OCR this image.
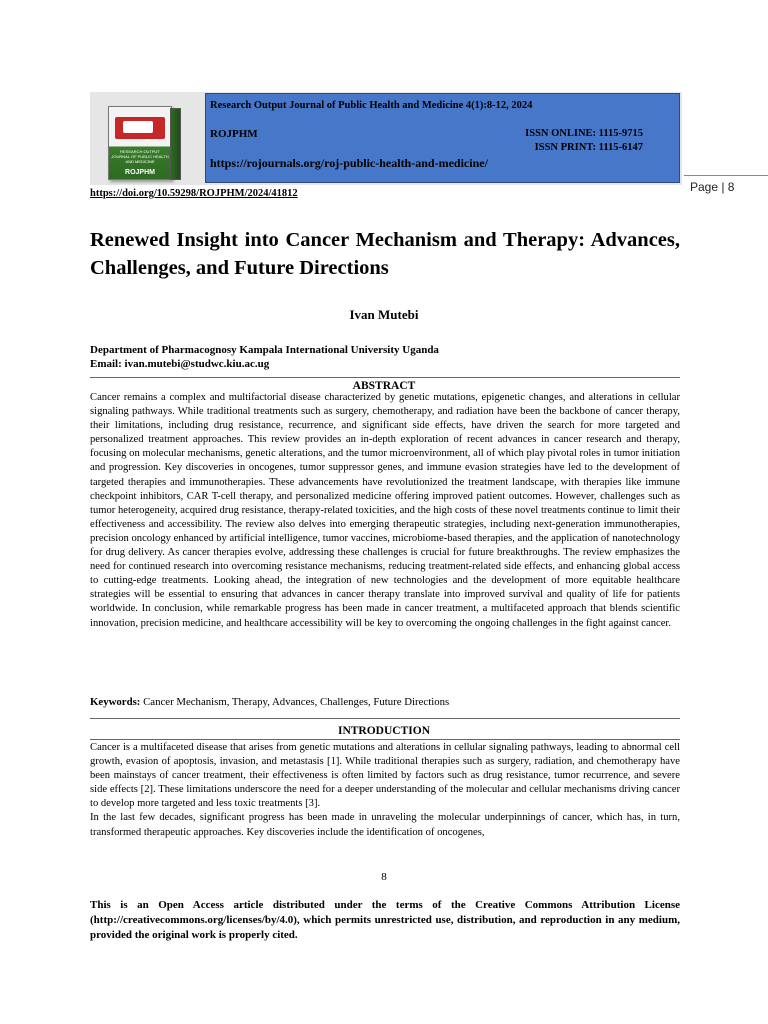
RESEARCH OUTPUT JOURNAL OF PUBLIC HEALTH AND MEDICINE
ROJPHM
Research Output Journal of Public Health and Medicine 4(1):8-12, 2024
ROJPHM	ISSN ONLINE: 1115-9715
ISSN PRINT: 1115-6147
https://rojournals.org/roj-public-health-and-medicine/
Page | 8
https://doi.org/10.59298/ROJPHM/2024/41812
Renewed Insight into Cancer Mechanism and Therapy: Advances, Challenges, and Future Directions
Ivan Mutebi
Department of Pharmacognosy Kampala International University Uganda
Email: ivan.mutebi@studwc.kiu.ac.ug
ABSTRACT
Cancer remains a complex and multifactorial disease characterized by genetic mutations, epigenetic changes, and alterations in cellular signaling pathways. While traditional treatments such as surgery, chemotherapy, and radiation have been the backbone of cancer therapy, their limitations, including drug resistance, recurrence, and significant side effects, have driven the search for more targeted and personalized treatment approaches. This review provides an in-depth exploration of recent advances in cancer research and therapy, focusing on molecular mechanisms, genetic alterations, and the tumor microenvironment, all of which play pivotal roles in tumor initiation and progression. Key discoveries in oncogenes, tumor suppressor genes, and immune evasion strategies have led to the development of targeted therapies and immunotherapies. These advancements have revolutionized the treatment landscape, with therapies like immune checkpoint inhibitors, CAR T-cell therapy, and personalized medicine offering improved patient outcomes. However, challenges such as tumor heterogeneity, acquired drug resistance, therapy-related toxicities, and the high costs of these novel treatments continue to limit their effectiveness and accessibility. The review also delves into emerging therapeutic strategies, including next-generation immunotherapies, precision oncology enhanced by artificial intelligence, tumor vaccines, microbiome-based therapies, and the application of nanotechnology for drug delivery. As cancer therapies evolve, addressing these challenges is crucial for future breakthroughs. The review emphasizes the need for continued research into overcoming resistance mechanisms, reducing treatment-related side effects, and enhancing global access to cutting-edge treatments. Looking ahead, the integration of new technologies and the development of more equitable healthcare strategies will be essential to ensuring that advances in cancer therapy translate into improved survival and quality of life for patients worldwide. In conclusion, while remarkable progress has been made in cancer treatment, a multifaceted approach that blends scientific innovation, precision medicine, and healthcare accessibility will be key to overcoming the ongoing challenges in the fight against cancer.
Keywords: Cancer Mechanism, Therapy, Advances, Challenges, Future Directions
INTRODUCTION

Cancer is a multifaceted disease that arises from genetic mutations and alterations in cellular signaling pathways, leading to abnormal cell growth, evasion of apoptosis, invasion, and metastasis [1]. While traditional therapies such as surgery, radiation, and chemotherapy have been mainstays of cancer treatment, their effectiveness is often limited by factors such as drug resistance, tumor recurrence, and severe side effects [2]. These limitations underscore the need for a deeper understanding of the molecular and cellular mechanisms driving cancer to develop more targeted and less toxic treatments [3].

In the last few decades, significant progress has been made in unraveling the molecular underpinnings of cancer, which has, in turn, transformed therapeutic approaches. Key discoveries include the identification of oncogenes,

8
This is an Open Access article distributed under the terms of the Creative Commons Attribution License (http://creativecommons.org/licenses/by/4.0), which permits unrestricted use, distribution, and reproduction in any medium, provided the original work is properly cited.
